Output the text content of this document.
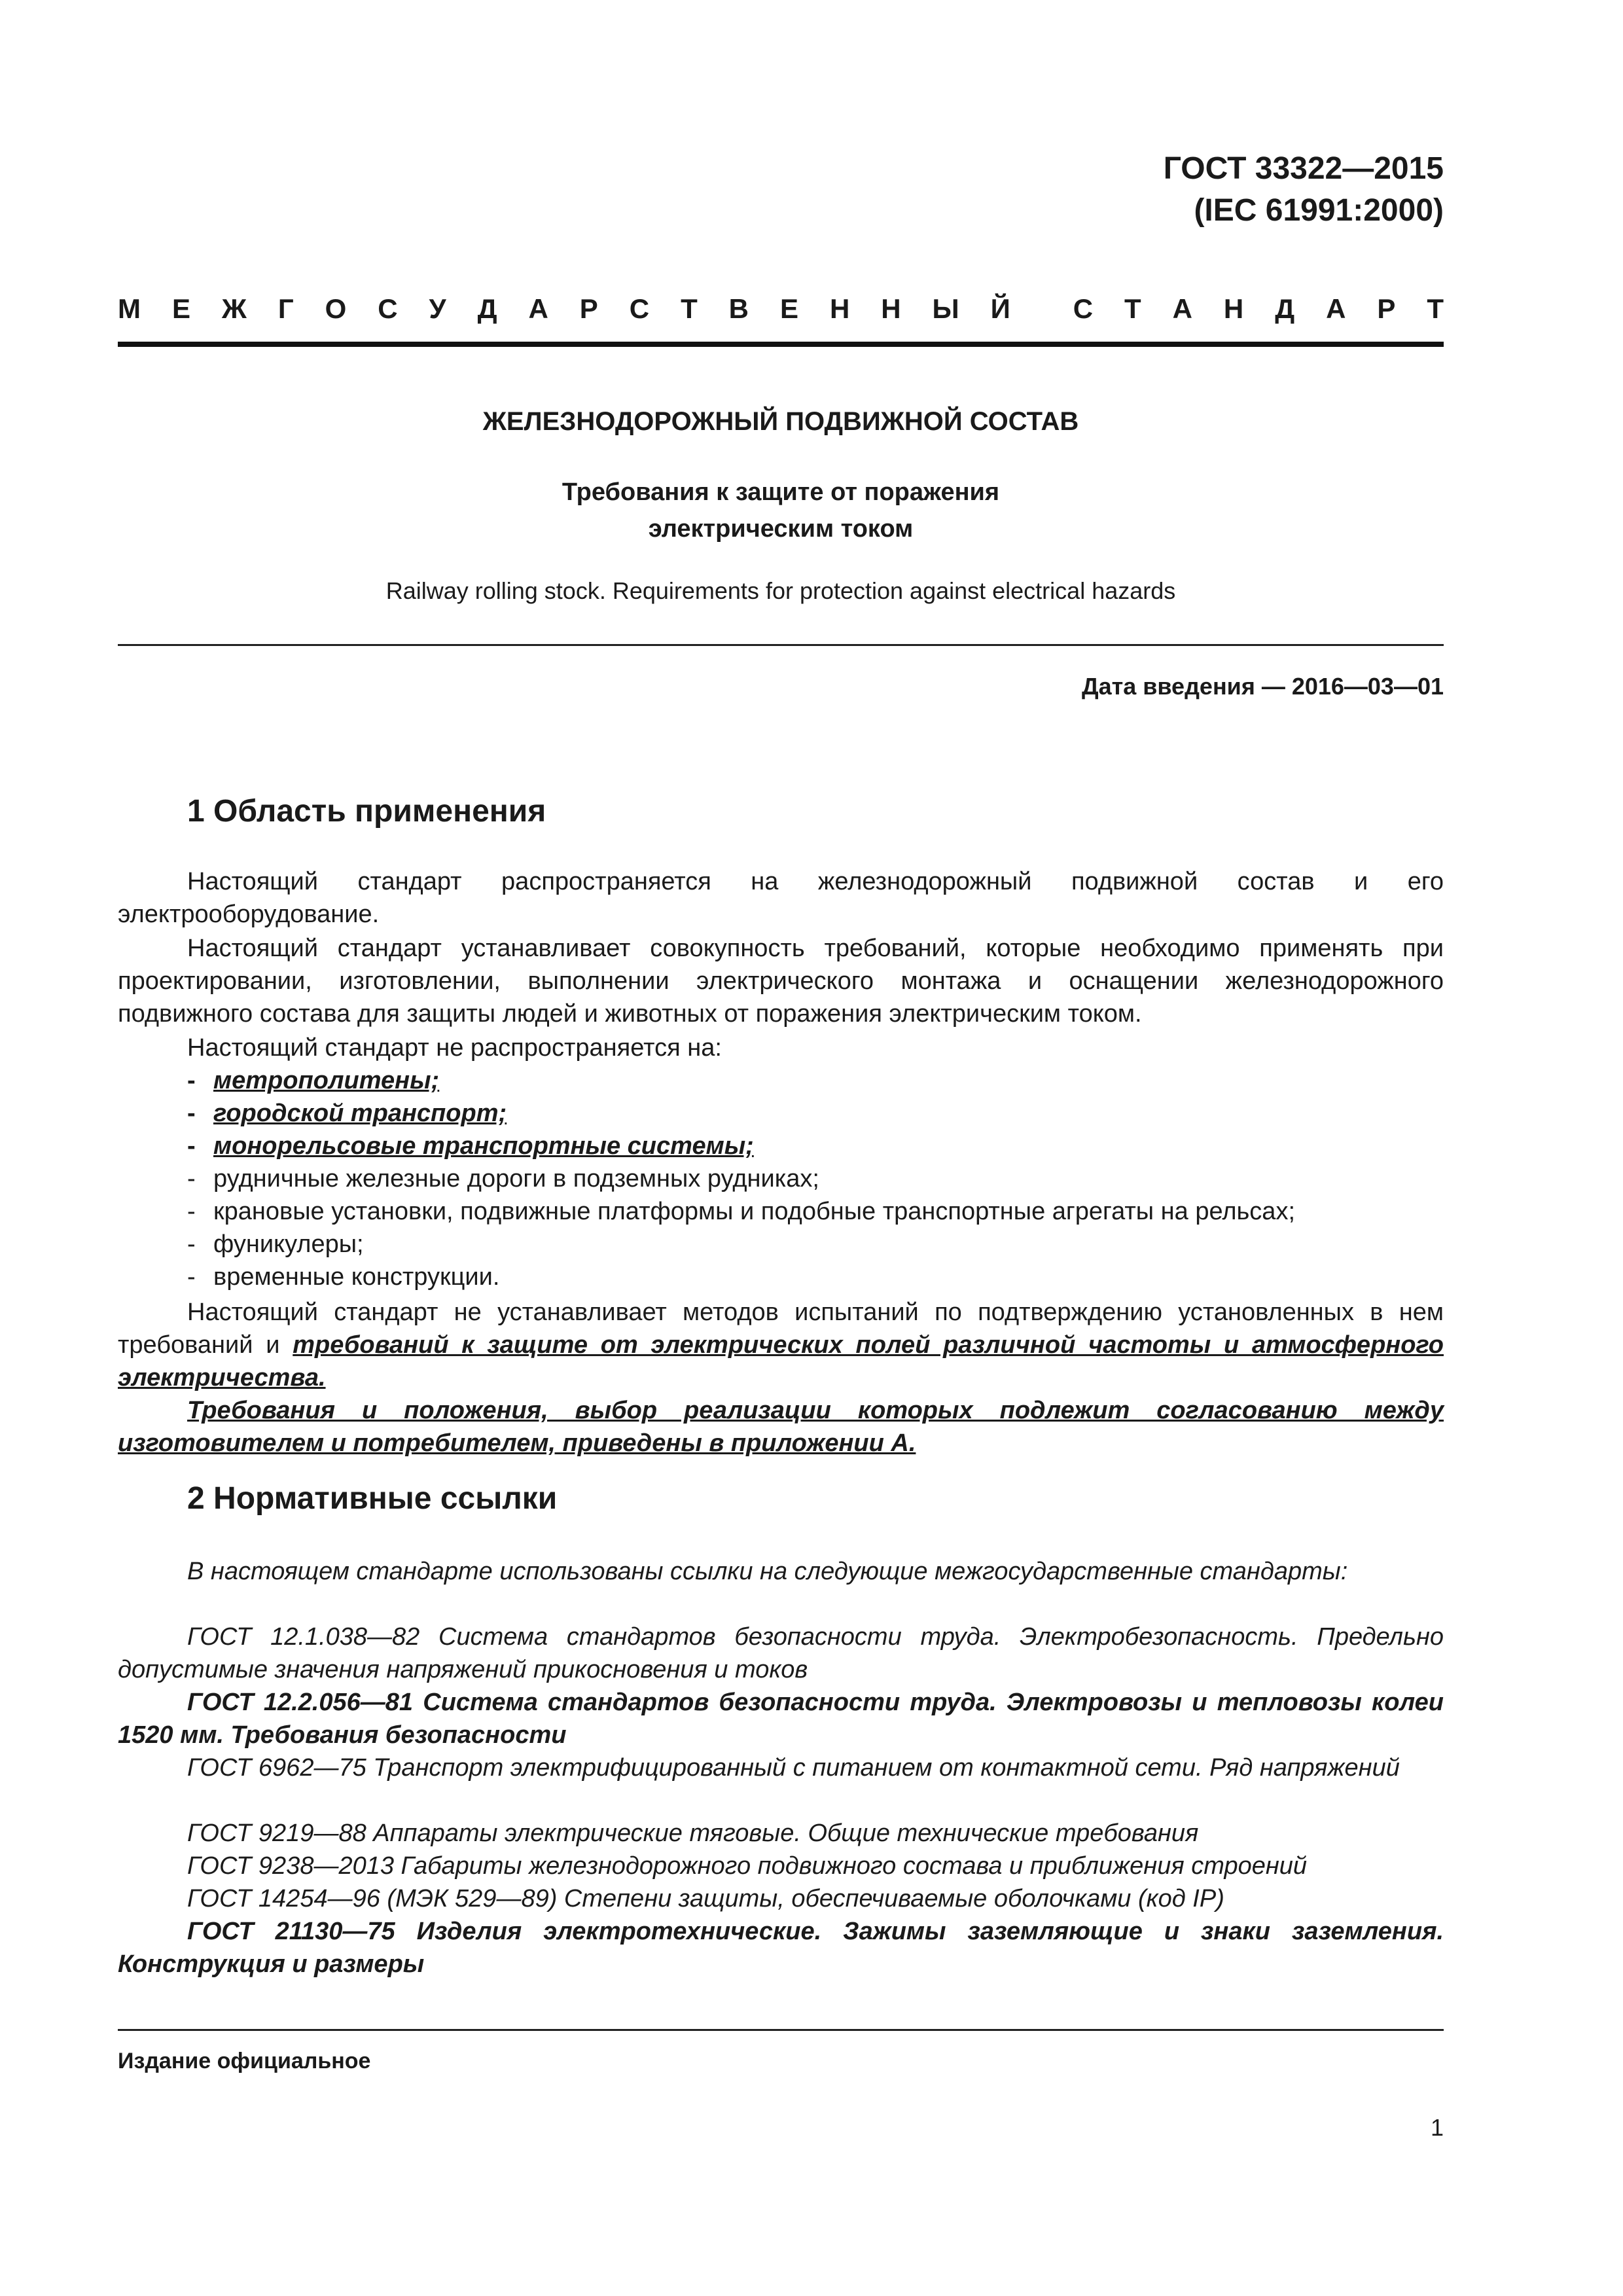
ГОСТ 33322—2015
(IEC 61991:2000)
М Е Ж Г О С У Д А Р С Т В Е Н Н Ы Й С Т А Н Д А Р Т
ЖЕЛЕЗНОДОРОЖНЫЙ ПОДВИЖНОЙ СОСТАВ
Требования к защите от поражения
электрическим током
Railway rolling stock. Requirements for protection against electrical hazards
Дата введения — 2016—03—01
1 Область применения
Настоящий стандарт распространяется на железнодорожный подвижной состав и его электрооборудование.
Настоящий стандарт устанавливает совокупность требований, которые необходимо применять при проектировании, изготовлении, выполнении электрического монтажа и оснащении железнодорожного подвижного состава для защиты людей и животных от поражения электрическим током.
Настоящий стандарт не распространяется на:
- метрополитены;
- городской транспорт;
- монорельсовые транспортные системы;
- рудничные железные дороги в подземных рудниках;
- крановые установки, подвижные платформы и подобные транспортные агрегаты на рельсах;
- фуникулеры;
- временные конструкции.
Настоящий стандарт не устанавливает методов испытаний по подтверждению установленных в нем требований и требований к защите от электрических полей различной частоты и атмосферного электричества.
Требования и положения, выбор реализации которых подлежит согласованию между изготовителем и потребителем, приведены в приложении А.
2 Нормативные ссылки
В настоящем стандарте использованы ссылки на следующие межгосударственные стандарты:
ГОСТ 12.1.038—82 Система стандартов безопасности труда. Электробезопасность. Предельно допустимые значения напряжений прикосновения и токов
ГОСТ 12.2.056—81 Система стандартов безопасности труда. Электровозы и тепловозы колеи 1520 мм. Требования безопасности
ГОСТ 6962—75 Транспорт электрифицированный с питанием от контактной сети. Ряд напряжений
ГОСТ 9219—88 Аппараты электрические тяговые. Общие технические требования
ГОСТ 9238—2013 Габариты железнодорожного подвижного состава и приближения строений
ГОСТ 14254—96 (МЭК 529—89) Степени защиты, обеспечиваемые оболочками (код IP)
ГОСТ 21130—75 Изделия электротехнические. Зажимы заземляющие и знаки заземления. Конструкция и размеры
Издание официальное
1
